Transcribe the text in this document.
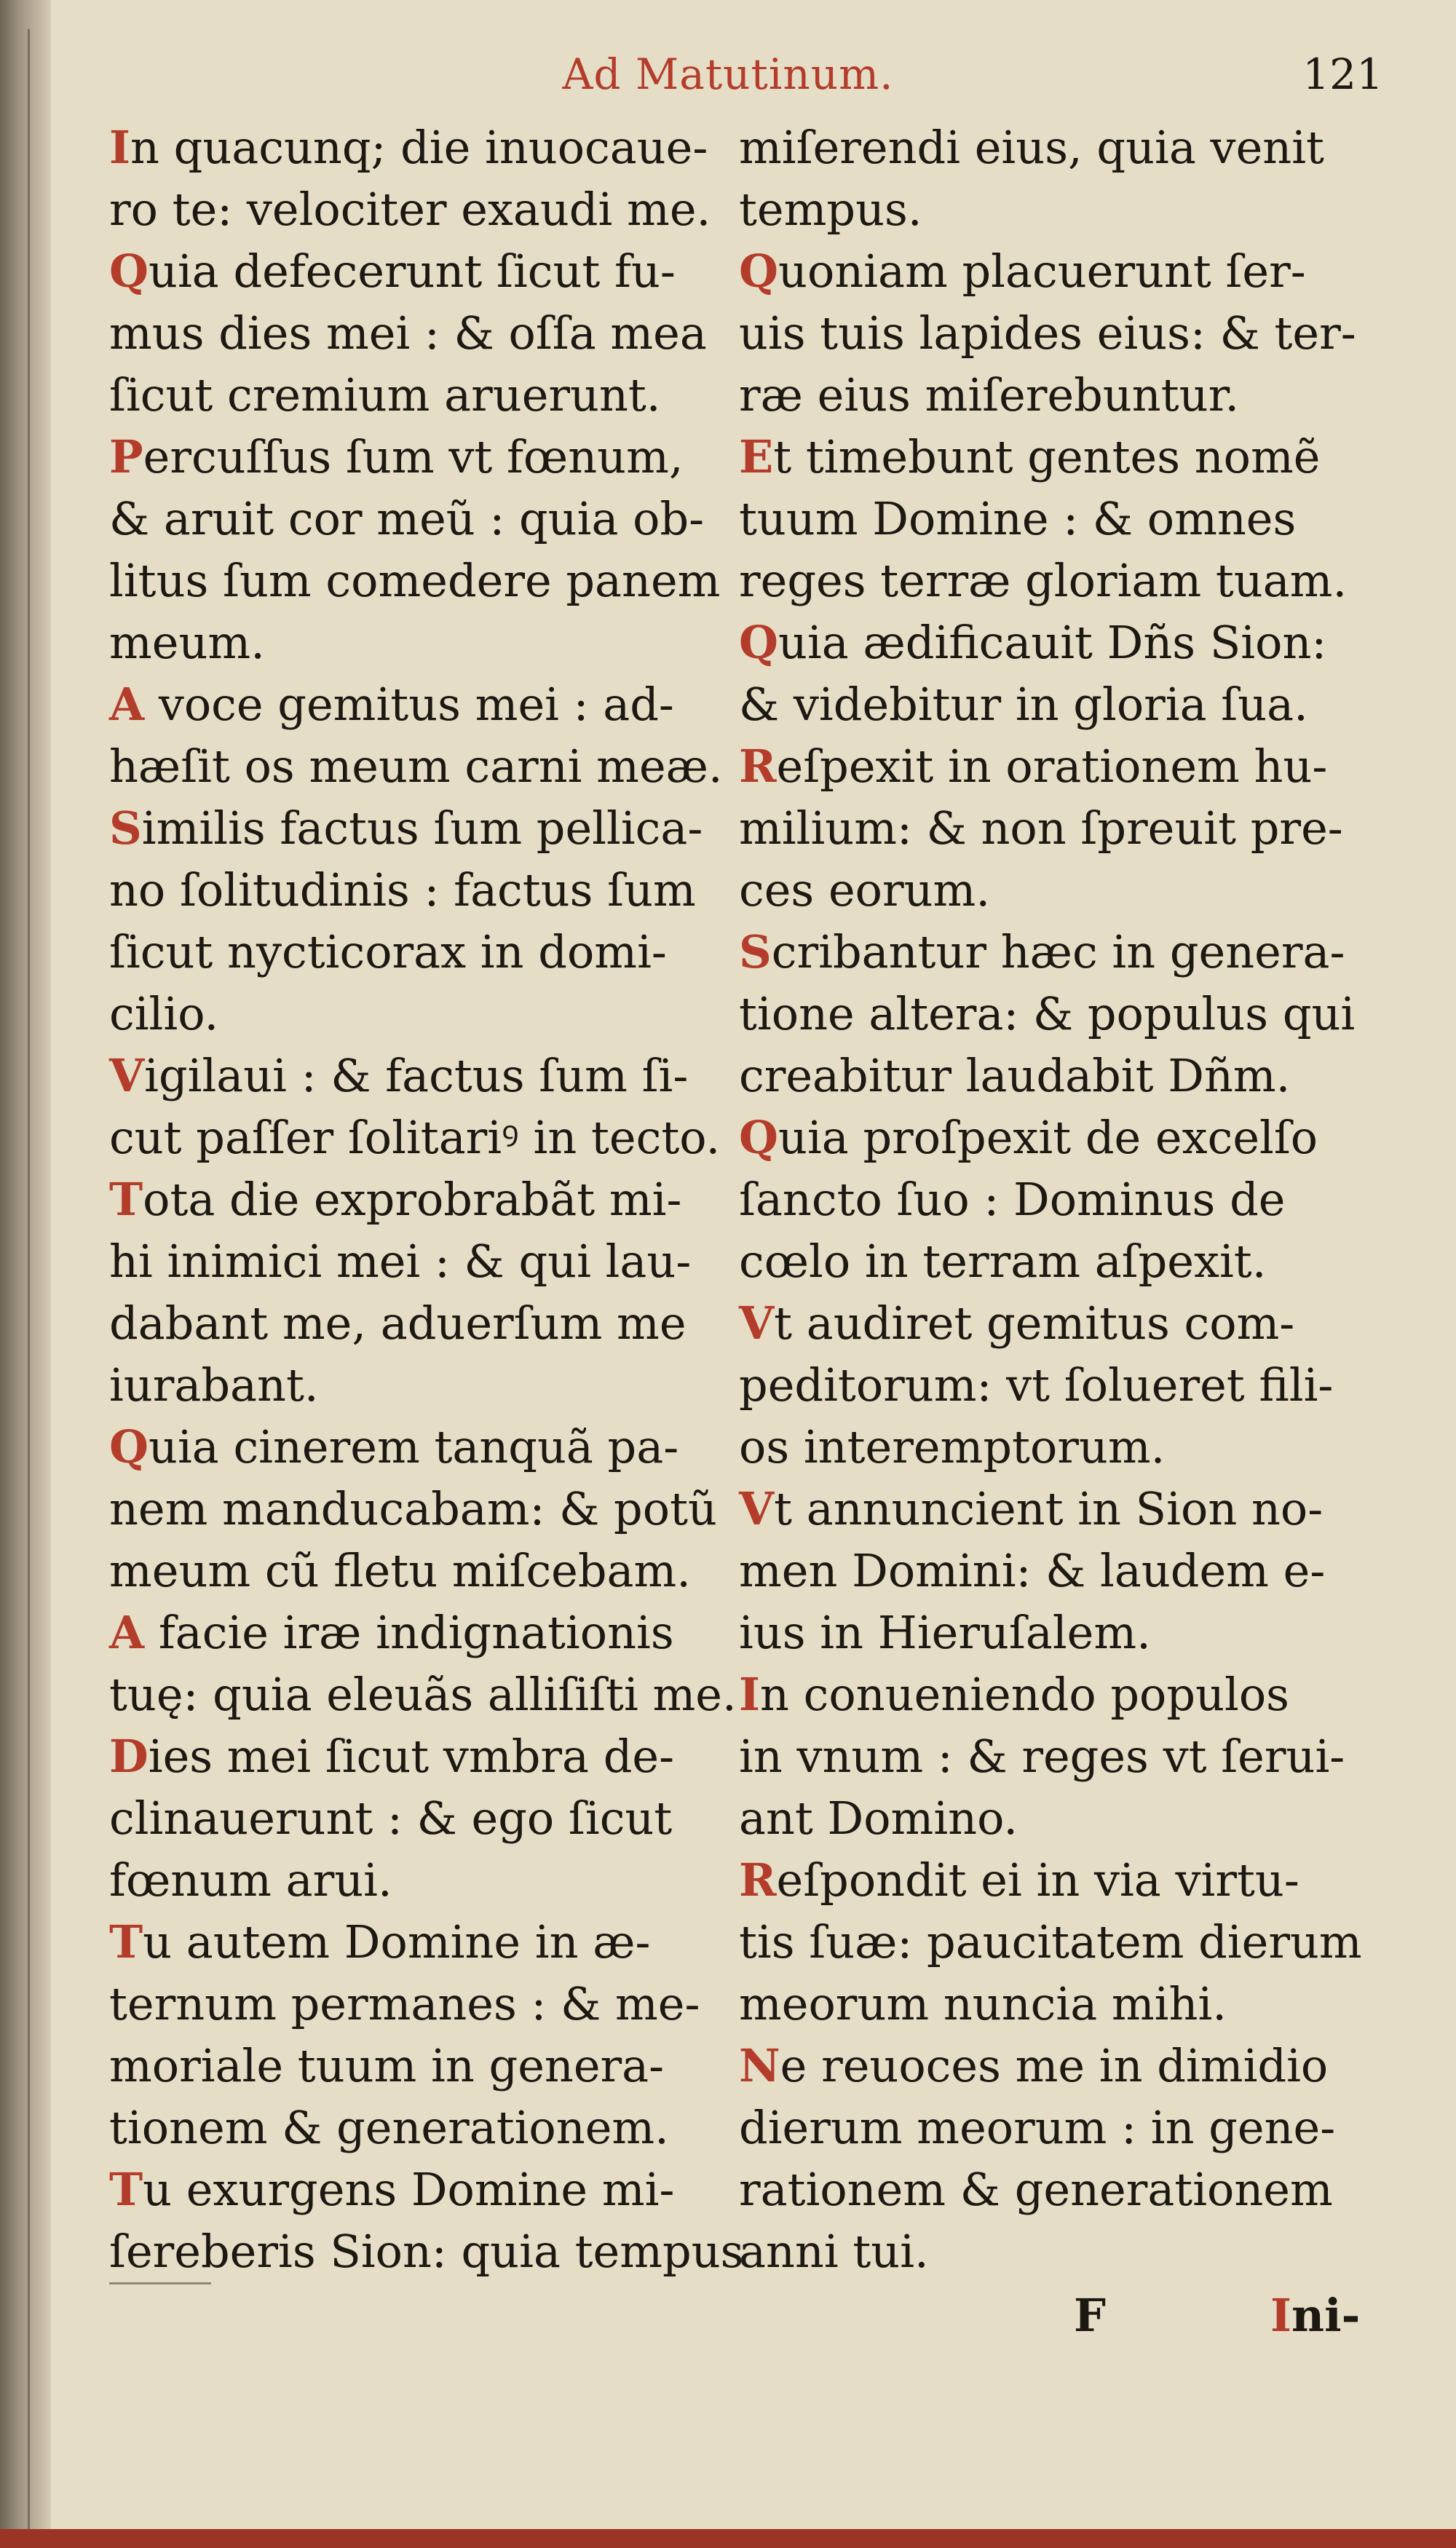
Ad Matutinum.	121
In quacunq; die inuocaue-
ro te: velociter exaudi me.
Quia defecerunt ſicut fu-
mus dies mei : & oſſa mea
ſicut cremium aruerunt.
Percuſſus ſum vt fœnum,
& aruit cor meũ : quia ob-
litus ſum comedere panem
meum.
A voce gemitus mei : ad-
hæſit os meum carni meæ.
Similis factus ſum pellica-
no ſolitudinis : factus ſum
ſicut nycticorax in domi-
cilio.
Vigilaui : & factus ſum ſi-
cut paſſer ſolitariꝰ in tecto.
Tota die exprobrabãt mi-
hi inimici mei : & qui lau-
dabant me, aduerſum me
iurabant.
Quia cinerem tanquã pa-
nem manducabam: & potũ
meum cũ fletu miſcebam.
A facie iræ indignationis
tuę: quia eleuãs alliſiſti me.
Dies mei ſicut vmbra de-
clinauerunt : & ego ſicut
fœnum arui.
Tu autem Domine in æ-
ternum permanes : & me-
moriale tuum in genera-
tionem & generationem.
Tu exurgens Domine mi-
ſereberis Sion: quia tempus
miſerendi eius, quia venit
tempus.
Quoniam placuerunt ſer-
uis tuis lapides eius: & ter-
ræ eius miſerebuntur.
Et timebunt gentes nomẽ
tuum Domine : & omnes
reges terræ gloriam tuam.
Quia ædificauit Dñs Sion:
& videbitur in gloria ſua.
Reſpexit in orationem hu-
milium: & non ſpreuit pre-
ces eorum.
Scribantur hæc in genera-
tione altera: & populus qui
creabitur laudabit Dñm.
Quia proſpexit de excelſo
ſancto ſuo : Dominus de
cœlo in terram aſpexit.
Vt audiret gemitus com-
peditorum: vt ſolueret fili-
os interemptorum.
Vt annuncient in Sion no-
men Domini: & laudem e-
ius in Hieruſalem.
In conueniendo populos
in vnum : & reges vt ſerui-
ant Domino.
Reſpondit ei in via virtu-
tis ſuæ: paucitatem dierum
meorum nuncia mihi.
Ne reuoces me in dimidio
dierum meorum : in gene-
rationem & generationem
anni tui.
F	Ini-
